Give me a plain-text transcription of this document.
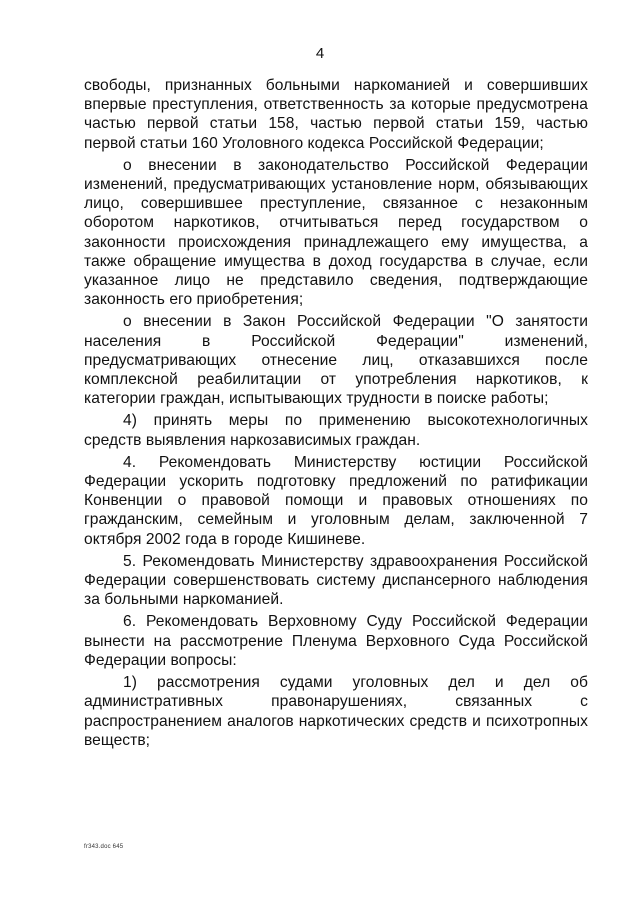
4

свободы, признанных больными наркоманией и совершивших впервые преступления, ответственность за которые предусмотрена частью первой статьи 158, частью первой статьи 159, частью первой статьи 160 Уголовного кодекса Российской Федерации;

о внесении в законодательство Российской Федерации изменений, предусматривающих установление норм, обязывающих лицо, совершившее преступление, связанное с незаконным оборотом наркотиков, отчитываться перед государством о законности происхождения принадлежащего ему имущества, а также обращение имущества в доход государства в случае, если указанное лицо не представило сведения, подтверждающие законность его приобретения;

о внесении в Закон Российской Федерации "О занятости населения в Российской Федерации" изменений, предусматривающих отнесение лиц, отказавшихся после комплексной реабилитации от употребления наркотиков, к категории граждан, испытывающих трудности в поиске работы;

4) принять меры по применению высокотехнологичных средств выявления наркозависимых граждан.

4. Рекомендовать Министерству юстиции Российской Федерации ускорить подготовку предложений по ратификации Конвенции о правовой помощи и правовых отношениях по гражданским, семейным и уголовным делам, заключенной 7 октября 2002 года в городе Кишиневе.

5. Рекомендовать Министерству здравоохранения Российской Федерации совершенствовать систему диспансерного наблюдения за больными наркоманией.

6. Рекомендовать Верховному Суду Российской Федерации вынести на рассмотрение Пленума Верховного Суда Российской Федерации вопросы:

1) рассмотрения судами уголовных дел и дел об административных правонарушениях, связанных с распространением аналогов наркотических средств и психотропных веществ;

fr343.doc 645
